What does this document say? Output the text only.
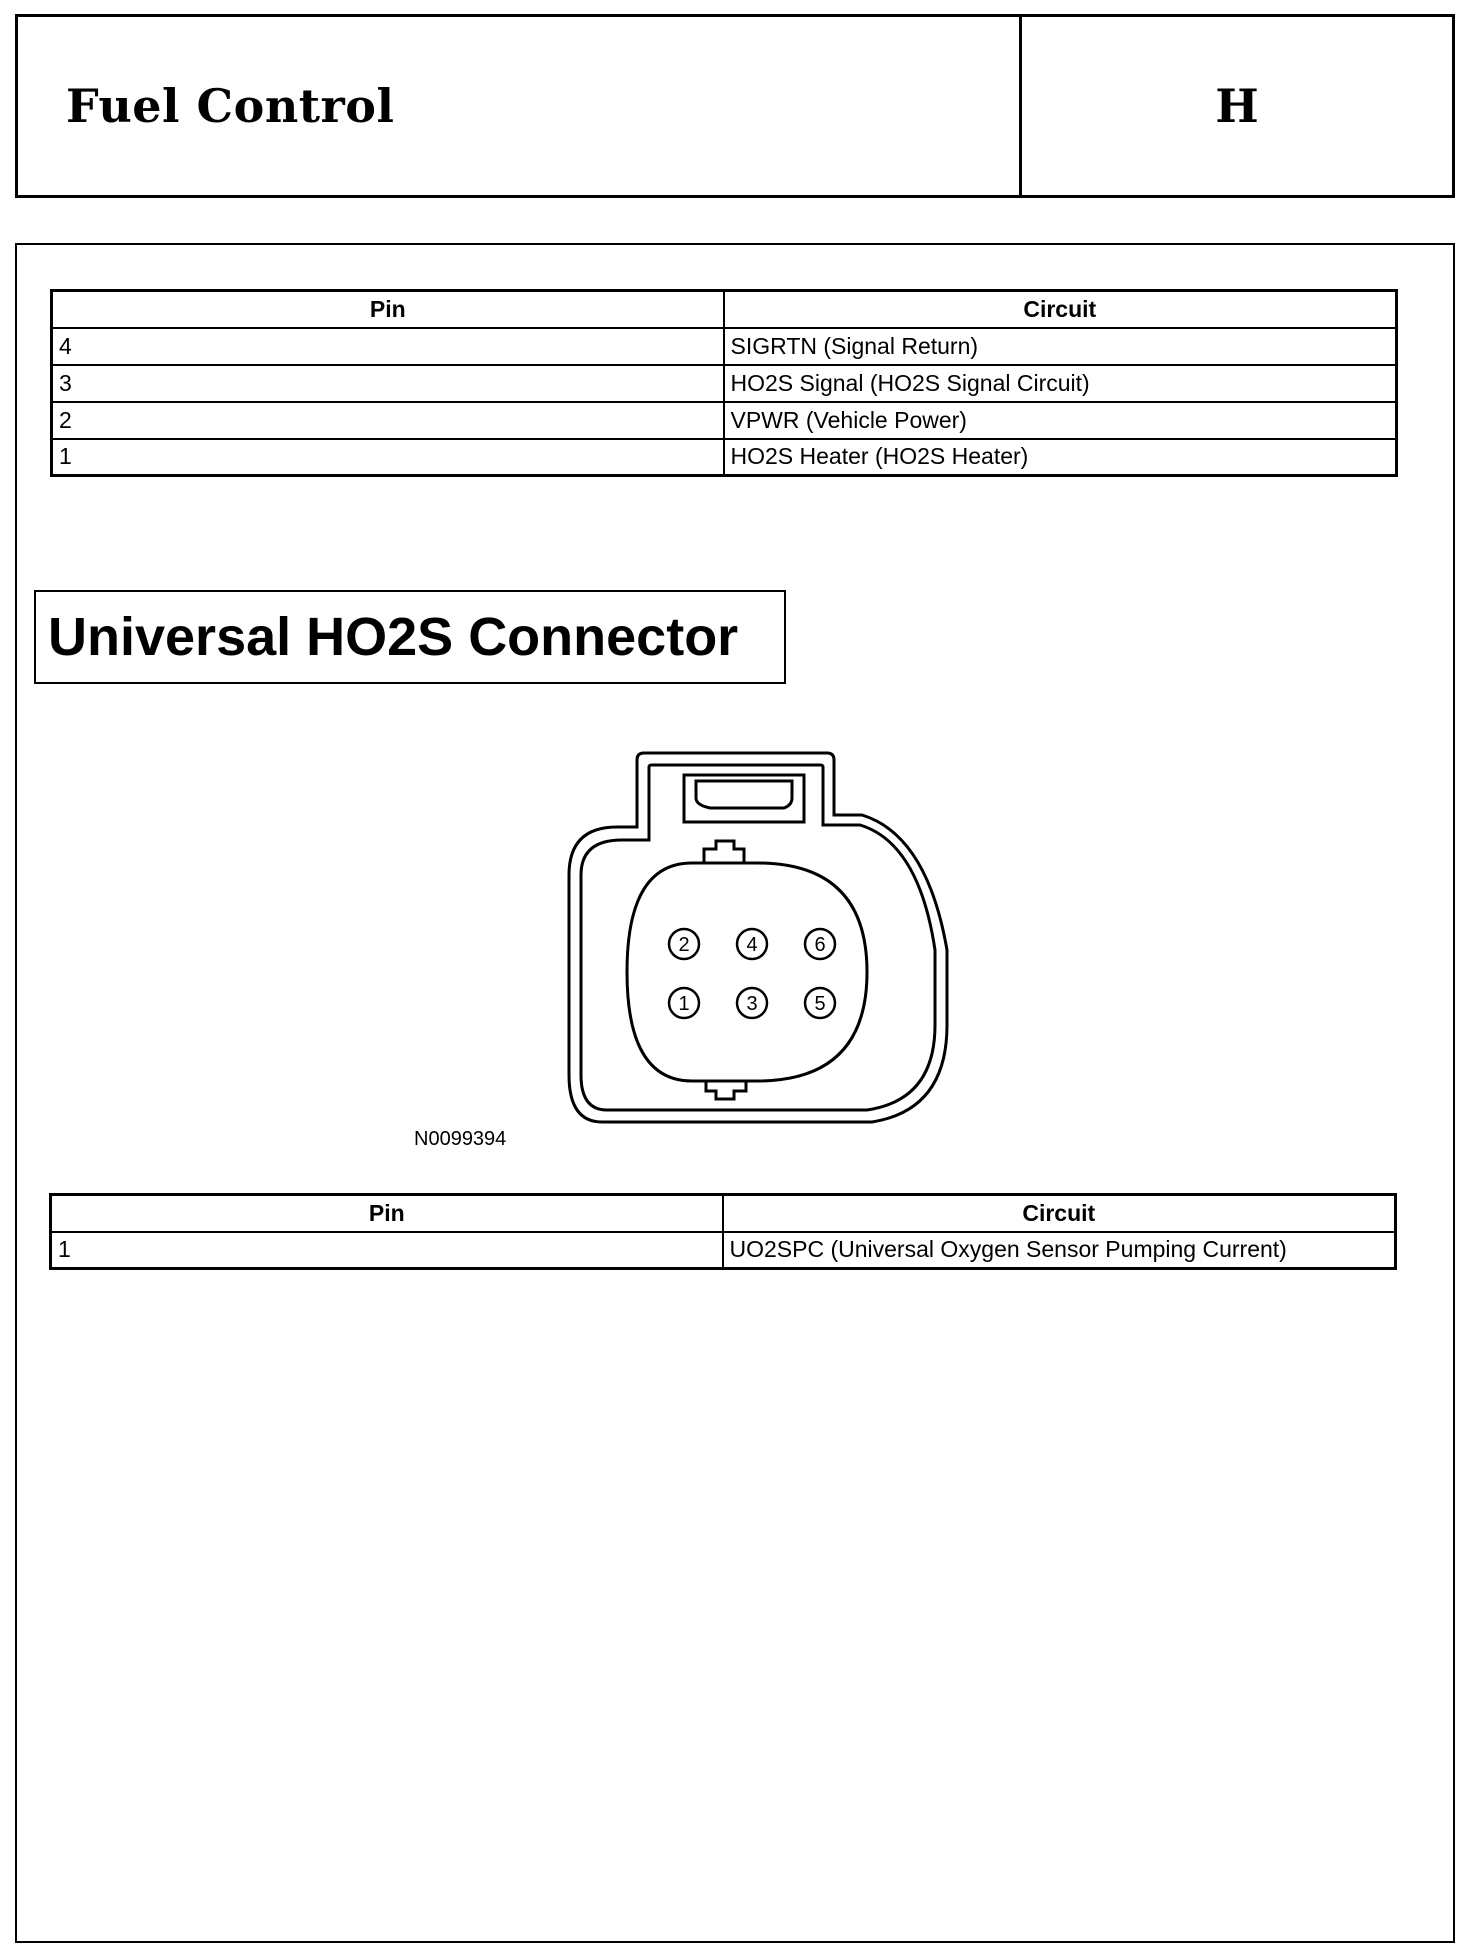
Fuel Control	H
Pin	Circuit
4	SIGRTN (Signal Return)
3	HO2S Signal (HO2S Signal Circuit)
2	VPWR (Vehicle Power)
1	HO2S Heater (HO2S Heater)
Universal HO2S Connector
2	4	6
1	3	5
N0099394
Pin	Circuit
1	UO2SPC (Universal Oxygen Sensor Pumping Current)
